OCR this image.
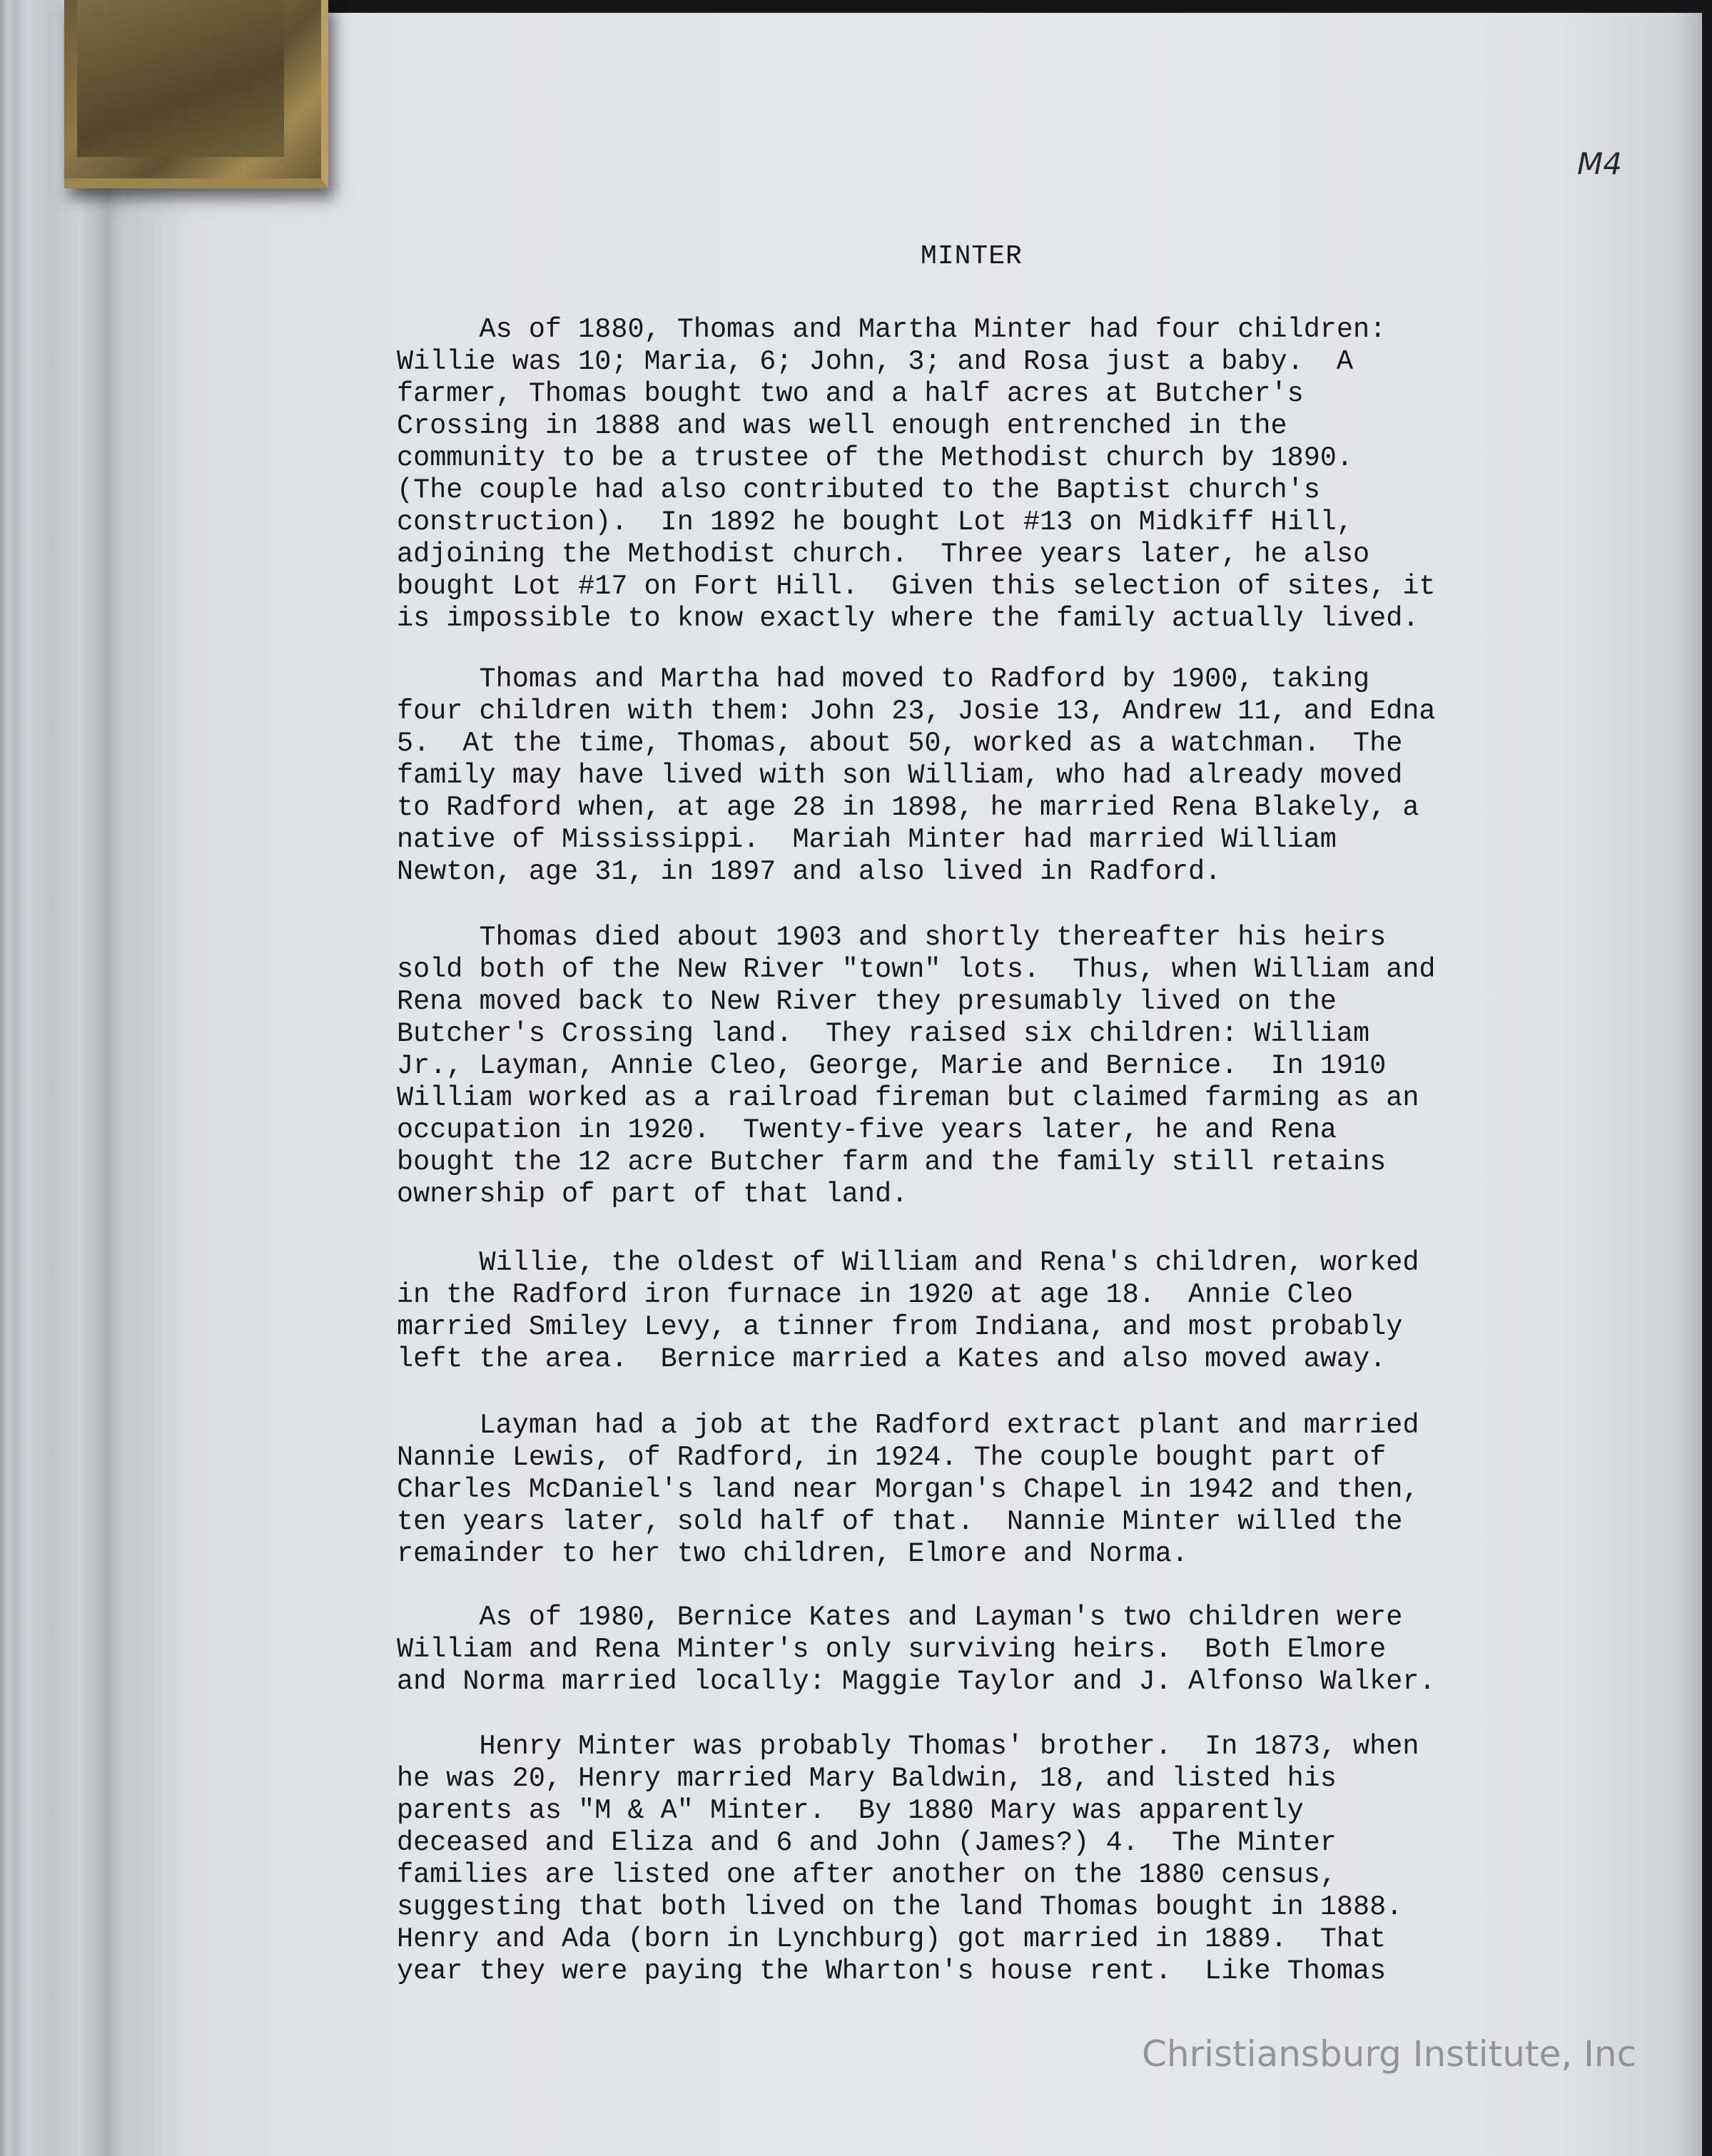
M4
MINTER
As of 1880, Thomas and Martha Minter had four children:
Willie was 10; Maria, 6; John, 3; and Rosa just a baby.  A
farmer, Thomas bought two and a half acres at Butcher's
Crossing in 1888 and was well enough entrenched in the
community to be a trustee of the Methodist church by 1890.
(The couple had also contributed to the Baptist church's
construction).  In 1892 he bought Lot #13 on Midkiff Hill,
adjoining the Methodist church.  Three years later, he also
bought Lot #17 on Fort Hill.  Given this selection of sites, it
is impossible to know exactly where the family actually lived.
Thomas and Martha had moved to Radford by 1900, taking
four children with them: John 23, Josie 13, Andrew 11, and Edna
5.  At the time, Thomas, about 50, worked as a watchman.  The
family may have lived with son William, who had already moved
to Radford when, at age 28 in 1898, he married Rena Blakely, a
native of Mississippi.  Mariah Minter had married William
Newton, age 31, in 1897 and also lived in Radford.
Thomas died about 1903 and shortly thereafter his heirs
sold both of the New River "town" lots.  Thus, when William and
Rena moved back to New River they presumably lived on the
Butcher's Crossing land.  They raised six children: William
Jr., Layman, Annie Cleo, George, Marie and Bernice.  In 1910
William worked as a railroad fireman but claimed farming as an
occupation in 1920.  Twenty-five years later, he and Rena
bought the 12 acre Butcher farm and the family still retains
ownership of part of that land.
Willie, the oldest of William and Rena's children, worked
in the Radford iron furnace in 1920 at age 18.  Annie Cleo
married Smiley Levy, a tinner from Indiana, and most probably
left the area.  Bernice married a Kates and also moved away.
Layman had a job at the Radford extract plant and married
Nannie Lewis, of Radford, in 1924. The couple bought part of
Charles McDaniel's land near Morgan's Chapel in 1942 and then,
ten years later, sold half of that.  Nannie Minter willed the
remainder to her two children, Elmore and Norma.
As of 1980, Bernice Kates and Layman's two children were
William and Rena Minter's only surviving heirs.  Both Elmore
and Norma married locally: Maggie Taylor and J. Alfonso Walker.
Henry Minter was probably Thomas' brother.  In 1873, when
he was 20, Henry married Mary Baldwin, 18, and listed his
parents as "M & A" Minter.  By 1880 Mary was apparently
deceased and Eliza and 6 and John (James?) 4.  The Minter
families are listed one after another on the 1880 census,
suggesting that both lived on the land Thomas bought in 1888.
Henry and Ada (born in Lynchburg) got married in 1889.  That
year they were paying the Wharton's house rent.  Like Thomas
Christiansburg Institute, Inc
